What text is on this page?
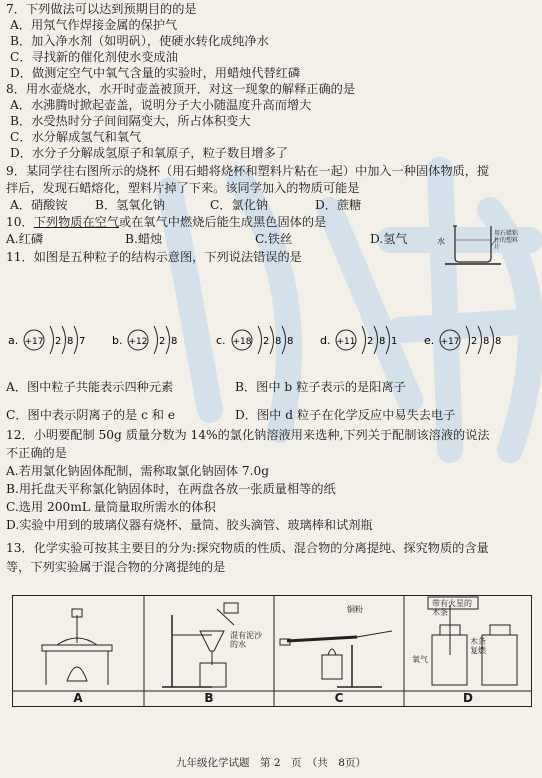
7．下列做法可以达到预期目的的是
A．用氖气作焊接金属的保护气
B．加入净水剂（如明矾），使硬水转化成纯净水
C．寻找新的催化剂使水变成油
D．做测定空气中氧气含量的实验时，用蜡烛代替红磷
8．用水壶烧水，水开时壶盖被顶开．对这一现象的解释正确的是
A．水沸腾时掀起壶盖，说明分子大小随温度升高而增大
B．水受热时分子间间隔变大，所占体积变大
C．水分解成氢气和氧气
D．水分子分解成氢原子和氧原子，粒子数目增多了
9．某同学往右图所示的烧杯（用石蜡将烧杯和塑料片粘在一起）中加入一种固体物质，搅
拌后，发现石蜡熔化，塑料片掉了下来。该同学加入的物质可能是
A．硝酸铵 B．氢氧化钠	C．氯化钠	D．蔗糖
水
用石蜡粘住的塑料片
10．下列物质在空气或在氧气中燃烧后能生成黑色固体的是
A.红磷	B.蜡烛	C.铁丝	D.氢气
11．如图是五种粒子的结构示意图，下列说法错误的是
a. +17 2 8 7 b. +12 2 8	c. +18 2 8 8 d. +11 2 8 1 e. +17 2 8 8
A．图中粒子共能表示四种元素	B．图中 b 粒子表示的是阳离子
C．图中表示阴离子的是 c 和 e	D．图中 d 粒子在化学反应中易失去电子
12．小明要配制 50g 质量分数为 14%的氯化钠溶液用来选种,下列关于配制该溶液的说法
不正确的是
A.若用氯化钠固体配制，需称取氯化钠固体 7.0g
B.用托盘天平称氯化钠固体时，在两盘各放一张质量相等的纸
C.选用 200mL 量筒量取所需水的体积
D.实验中用到的玻璃仪器有烧杯、量筒、胶头滴管、玻璃棒和试剂瓶
13．化学实验可按其主要目的分为:探究物质的性质、混合物的分离提纯、探究物质的含量
等，下列实验属于混合物的分离提纯的是
A	B	C	D
混有泥沙的水
铜粉
带有火星的木条
氧气
木条复燃
九年级化学试题　第 2　页　（共　8页）
